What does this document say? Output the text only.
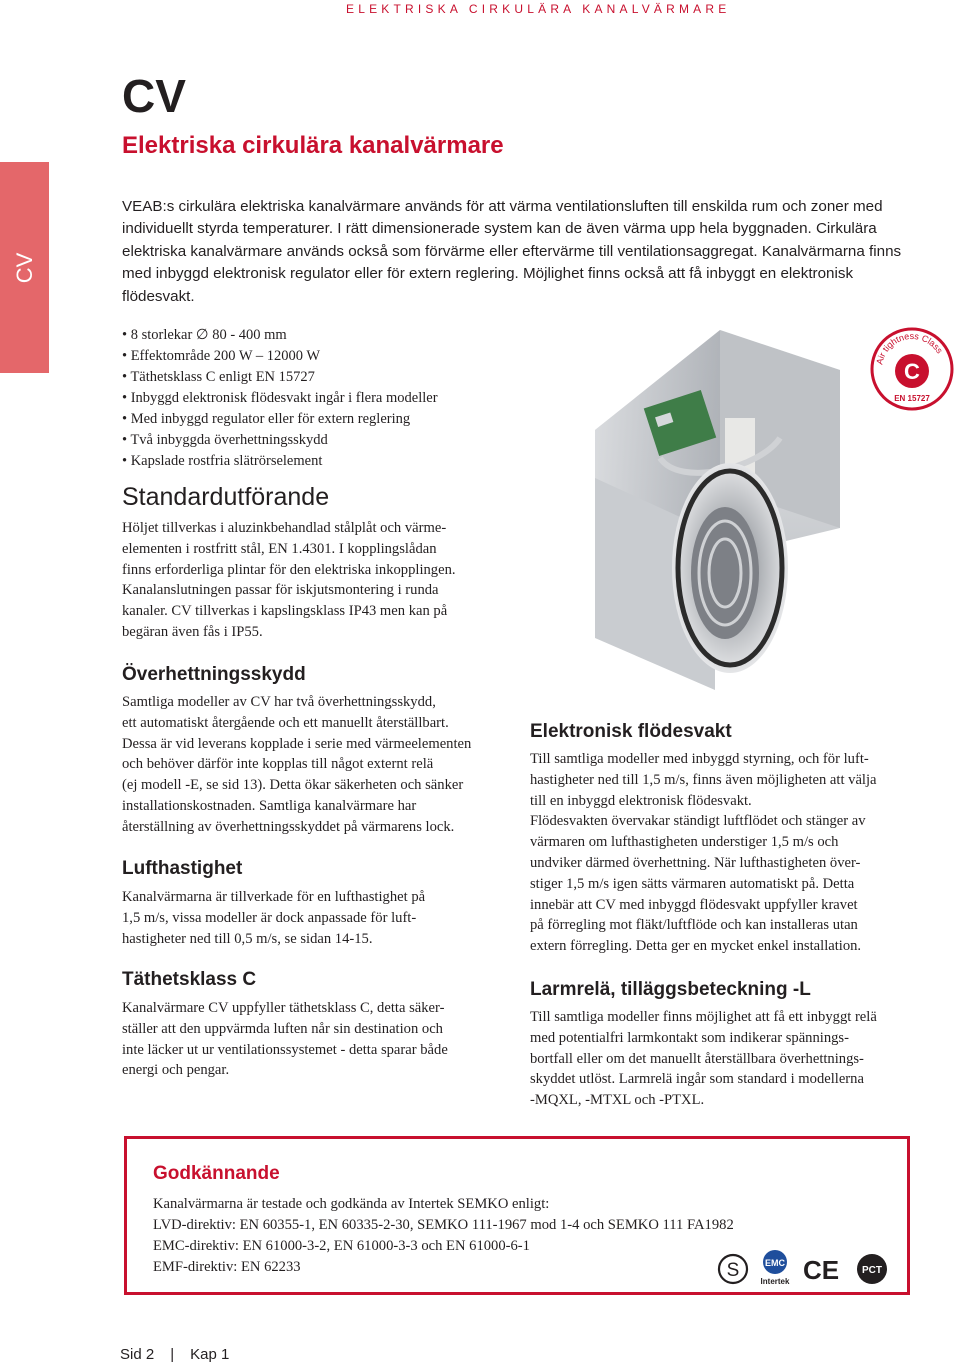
ELEKTRISKA CIRKULÄRA KANALVÄRMARE
CV
CV
Elektriska cirkulära kanalvärmare

VEAB:s cirkulära elektriska kanalvärmare används för att värma ventilationsluften till enskilda rum och zoner med individuellt styrda temperaturer. I rätt dimensionerade system kan de även värma upp hela byggnaden. Cirkulära elektriska kanalvärmare används också som förvärme eller eftervärme till ventilationsaggregat. Kanalvärmarna finns med inbyggd elektronisk regulator eller för extern reglering. Möjlighet finns också att få inbyggt en elektronisk flödesvakt.

• 8 storlekar ∅ 80 - 400 mm
• Effektområde 200 W – 12000 W
• Täthetsklass C enligt EN 15727
• Inbyggd elektronisk flödesvakt ingår i flera modeller
• Med inbyggd regulator eller för extern reglering
• Två inbyggda överhettningsskydd
• Kapslade rostfria slätrörselement
Air tightness Class
C
EN 15727
Standardutförande
Höljet tillverkas i aluzinkbehandlad stålplåt och värme-
elementen i rostfritt stål, EN 1.4301. I kopplingslådan
finns erforderliga plintar för den elektriska inkopplingen.
Kanalanslutningen passar för iskjutsmontering i runda
kanaler. CV tillverkas i kapslingsklass IP43 men kan på
begäran även fås i IP55.
Överhettningsskydd
Samtliga modeller av CV har två överhettningsskydd,
ett automatiskt återgående och ett manuellt återställbart.
Dessa är vid leverans kopplade i serie med värmeelementen
och behöver därför inte kopplas till något externt relä
(ej modell -E, se sid 13). Detta ökar säkerheten och sänker
installationskostnaden. Samtliga kanalvärmare har
återställning av överhettningsskyddet på värmarens lock.
Lufthastighet
Kanalvärmarna är tillverkade för en lufthastighet på
1,5 m/s, vissa modeller är dock anpassade för luft-
hastigheter ned till 0,5 m/s, se sidan 14-15.
Täthetsklass C
Kanalvärmare CV uppfyller täthetsklass C, detta säker-
ställer att den uppvärmda luften når sin destination och
inte läcker ut ur ventilationssystemet - detta sparar både
energi och pengar.
Elektronisk flödesvakt
Till samtliga modeller med inbyggd styrning, och för luft-
hastigheter ned till 1,5 m/s, finns även möjligheten att välja
till en inbyggd elektronisk flödesvakt.
Flödesvakten övervakar ständigt luftflödet och stänger av
värmaren om lufthastigheten understiger 1,5 m/s och
undviker därmed överhettning. När lufthastigheten över-
stiger 1,5 m/s igen sätts värmaren automatiskt på. Detta
innebär att CV med inbyggd flödesvakt uppfyller kravet
på förregling mot fläkt/luftflöde och kan installeras utan
extern förregling. Detta ger en mycket enkel installation.
Larmrelä, tilläggsbeteckning -L
Till samtliga modeller finns möjlighet att få ett inbyggt relä
med potentialfri larmkontakt som indikerar spännings-
bortfall eller om det manuellt återställbara överhettnings-
skyddet utlöst. Larmrelä ingår som standard i modellerna
-MQXL, -MTXL och -PTXL.
Godkännande
Kanalvärmarna är testade och godkända av Intertek SEMKO enligt:
LVD-direktiv: EN 60355-1, EN 60335-2-30, SEMKO 111-1967 mod 1-4 och SEMKO 111 FA1982
EMC-direktiv: EN 61000-3-2, EN 61000-3-3 och EN 61000-6-1
EMF-direktiv: EN 62233	S	EMC
Intertek CE PCT
Sid 2 | Kap 1
